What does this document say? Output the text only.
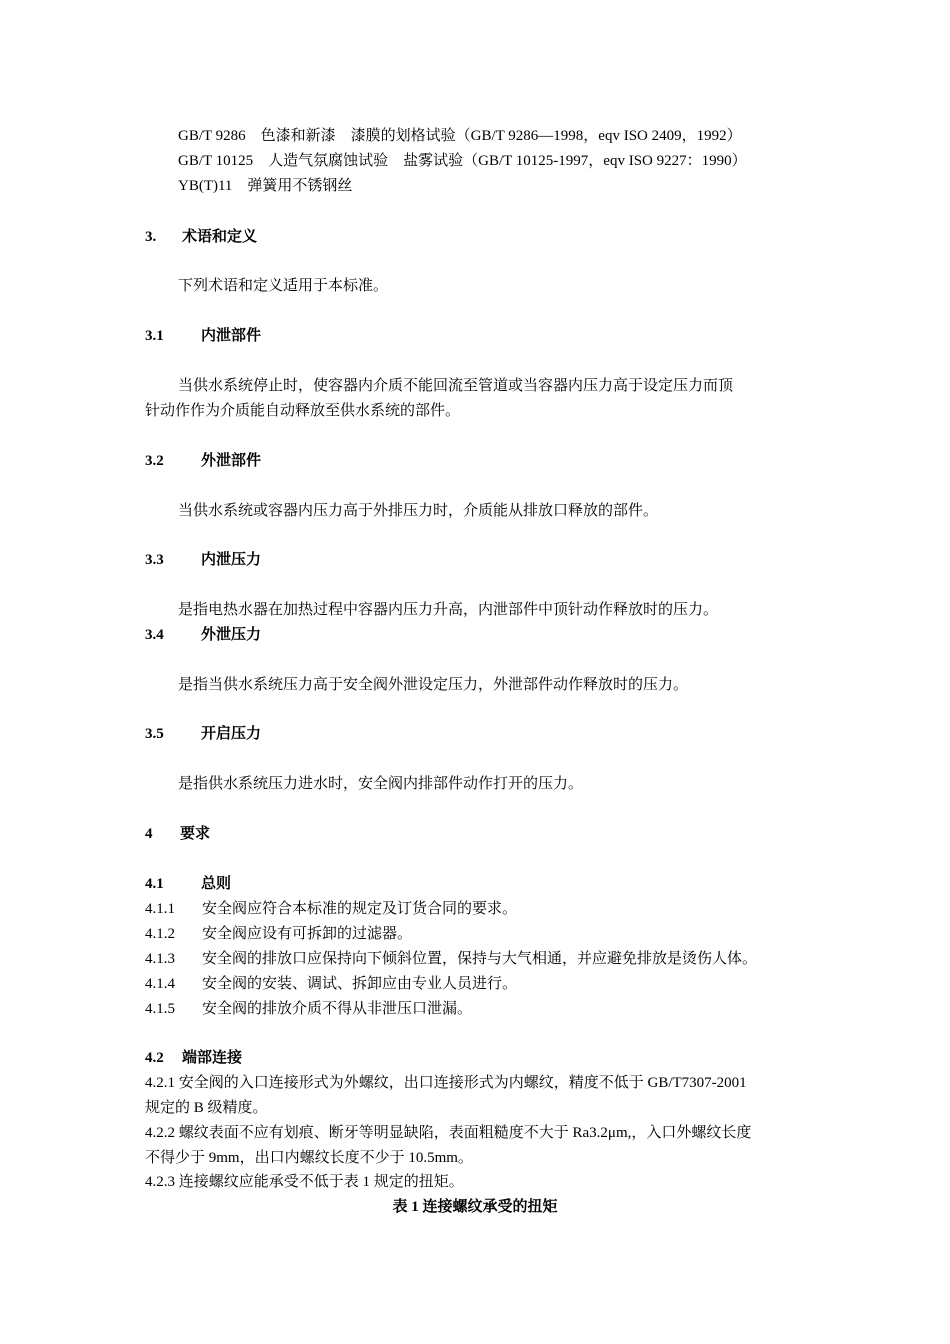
GB/T 9286　色漆和新漆　漆膜的划格试验（GB/T 9286—1998，eqv ISO 2409，1992）
GB/T 10125　人造气氛腐蚀试验　盐雾试验（GB/T 10125-1997，eqv ISO 9227：1990）
YB(T)11　弹簧用不锈钢丝
3. 术语和定义
下列术语和定义适用于本标准。
3.1 内泄部件
当供水系统停止时，使容器内介质不能回流至管道或当容器内压力高于设定压力而顶
针动作作为介质能自动释放至供水系统的部件。
3.2 外泄部件
当供水系统或容器内压力高于外排压力时，介质能从排放口释放的部件。
3.3 内泄压力
是指电热水器在加热过程中容器内压力升高，内泄部件中顶针动作释放时的压力。
3.4 外泄压力
是指当供水系统压力高于安全阀外泄设定压力，外泄部件动作释放时的压力。
3.5 开启压力
是指供水系统压力进水时，安全阀内排部件动作打开的压力。
4 要求
4.1 总则
4.1.1 安全阀应符合本标准的规定及订货合同的要求。
4.1.2 安全阀应设有可拆卸的过滤器。
4.1.3 安全阀的排放口应保持向下倾斜位置，保持与大气相通，并应避免排放是烫伤人体。
4.1.4 安全阀的安装、调试、拆卸应由专业人员进行。
4.1.5 安全阀的排放介质不得从非泄压口泄漏。
4.2 端部连接
4.2.1 安全阀的入口连接形式为外螺纹，出口连接形式为内螺纹，精度不低于 GB/T7307-2001
规定的 B 级精度。
4.2.2 螺纹表面不应有划痕、断牙等明显缺陷，表面粗糙度不大于 Ra3.2μm,，入口外螺纹长度
不得少于 9mm，出口内螺纹长度不少于 10.5mm。
4.2.3 连接螺纹应能承受不低于表 1 规定的扭矩。
表 1 连接螺纹承受的扭矩
